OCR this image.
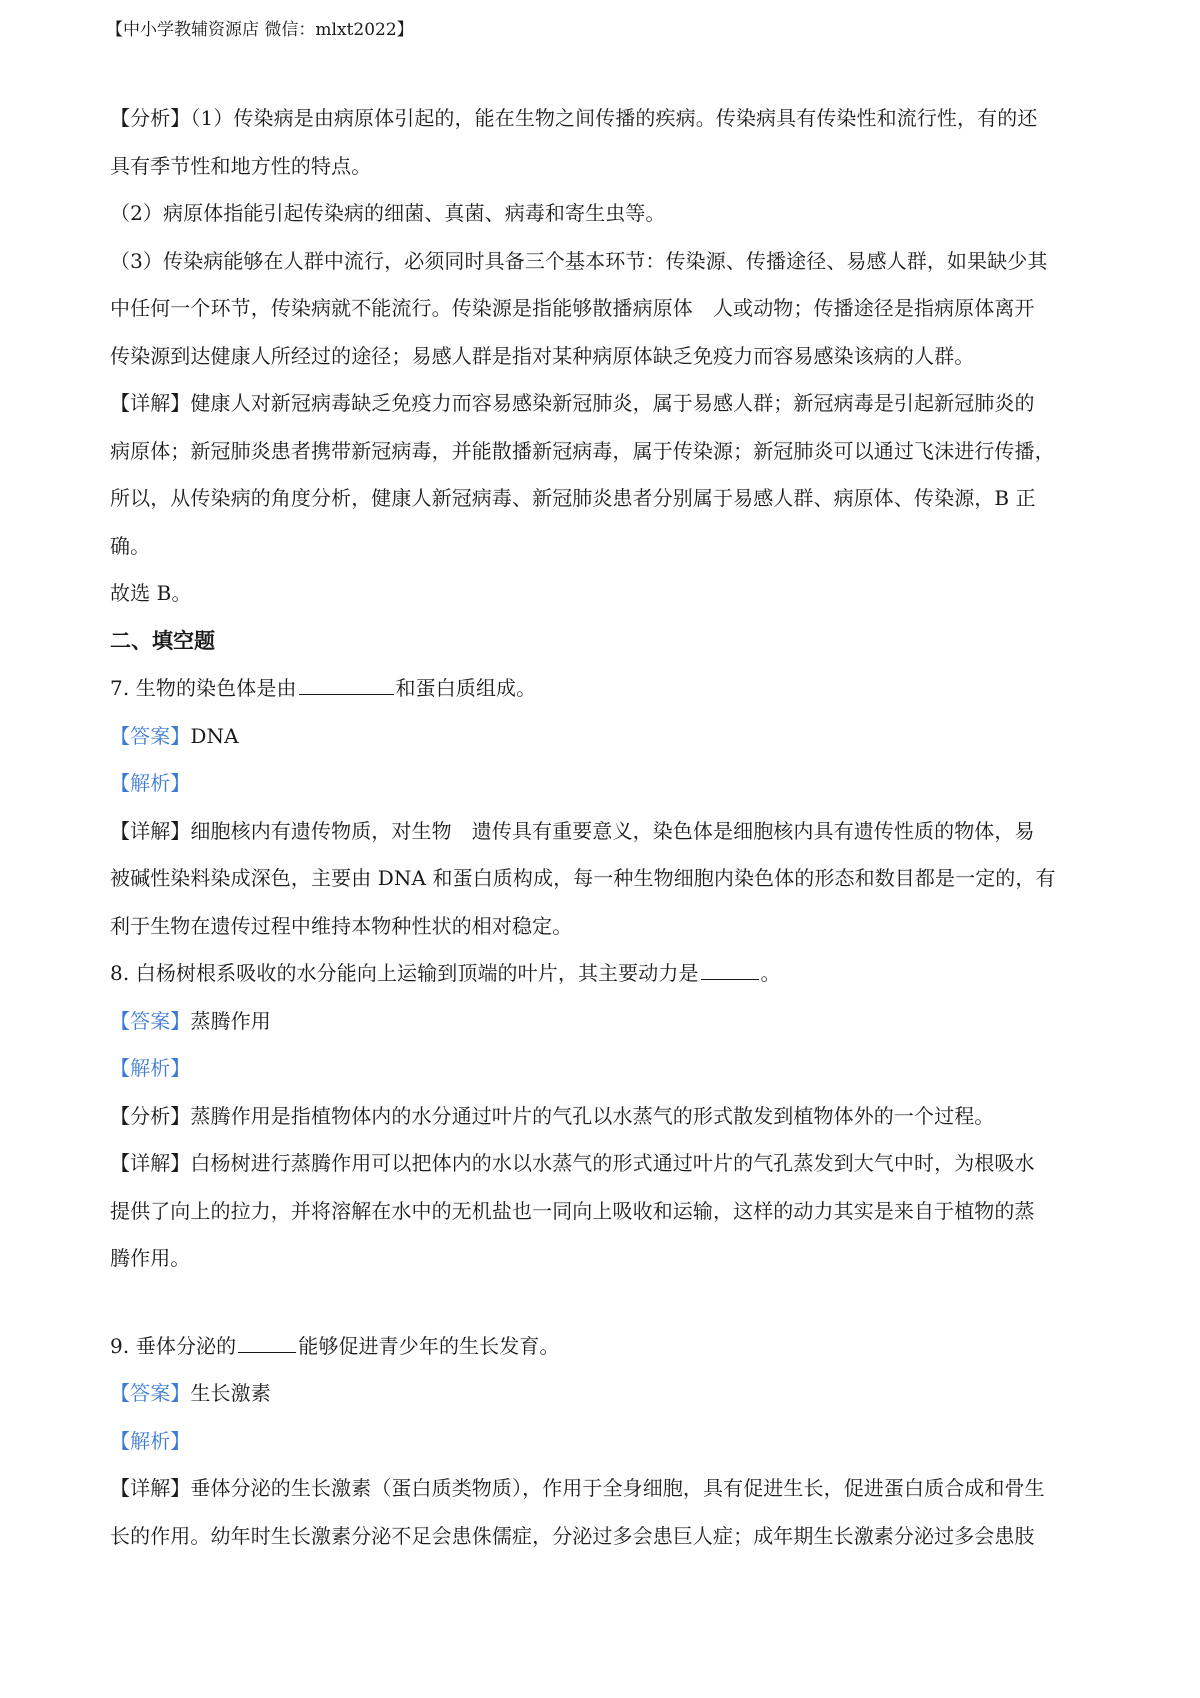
【中小学教辅资源店 微信：mlxt2022】
【分析】（1）传染病是由病原体引起的，能在生物之间传播的疾病。传染病具有传染性和流行性，有的还
具有季节性和地方性的特点。
（2）病原体指能引起传染病的细菌、真菌、病毒和寄生虫等。
（3）传染病能够在人群中流行，必须同时具备三个基本环节：传染源、传播途径、易感人群，如果缺少其
中任何一个环节，传染病就不能流行。传染源是指能够散播病原体　人或动物；传播途径是指病原体离开
传染源到达健康人所经过的途径；易感人群是指对某种病原体缺乏免疫力而容易感染该病的人群。
【详解】健康人对新冠病毒缺乏免疫力而容易感染新冠肺炎，属于易感人群；新冠病毒是引起新冠肺炎的
病原体；新冠肺炎患者携带新冠病毒，并能散播新冠病毒，属于传染源；新冠肺炎可以通过飞沫进行传播，
所以，从传染病的角度分析，健康人新冠病毒、新冠肺炎患者分别属于易感人群、病原体、传染源，B 正
确。
故选 B。
二、填空题
7. 生物的染色体是由	和蛋白质组成。
【答案】DNA
【解析】
【详解】细胞核内有遗传物质，对生物　遗传具有重要意义，染色体是细胞核内具有遗传性质的物体，易
被碱性染料染成深色，主要由 DNA 和蛋白质构成，每一种生物细胞内染色体的形态和数目都是一定的，有
利于生物在遗传过程中维持本物种性状的相对稳定。
8. 白杨树根系吸收的水分能向上运输到顶端的叶片，其主要动力是	。
【答案】蒸腾作用
【解析】
【分析】蒸腾作用是指植物体内的水分通过叶片的气孔以水蒸气的形式散发到植物体外的一个过程。
【详解】白杨树进行蒸腾作用可以把体内的水以水蒸气的形式通过叶片的气孔蒸发到大气中时，为根吸水
提供了向上的拉力，并将溶解在水中的无机盐也一同向上吸收和运输，这样的动力其实是来自于植物的蒸
腾作用。
9. 垂体分泌的	能够促进青少年的生长发育。
【答案】生长激素
【解析】
【详解】垂体分泌的生长激素（蛋白质类物质），作用于全身细胞，具有促进生长，促进蛋白质合成和骨生
长的作用。幼年时生长激素分泌不足会患侏儒症，分泌过多会患巨人症；成年期生长激素分泌过多会患肢
